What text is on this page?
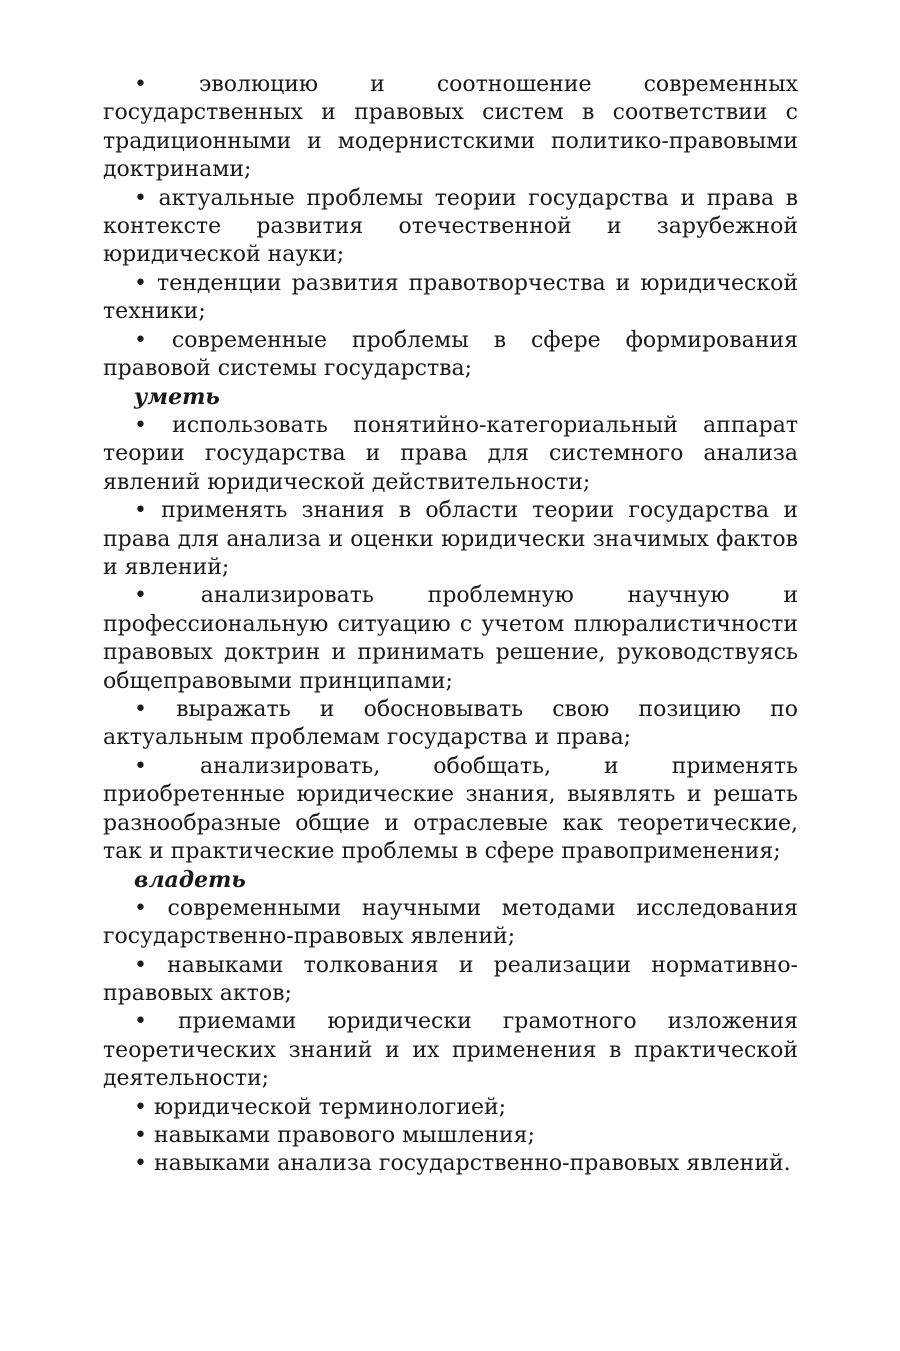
• эволюцию и соотношение современных государственных и правовых систем в соответствии с традиционными и модернистскими политико-правовыми доктринами;

• актуальные проблемы теории государства и права в контексте развития отечественной и зарубежной юридической науки;

• тенденции развития правотворчества и юридической техники;

• современные проблемы в сфере формирования правовой системы государства;

уметь

• использовать понятийно-категориальный аппарат теории государства и права для системного анализа явлений юридической действительности;

• применять знания в области теории государства и права для анализа и оценки юридически значимых фактов и явлений;

• анализировать проблемную научную и профессиональную ситуацию с учетом плюралистичности правовых доктрин и принимать решение, руководствуясь общеправовыми принципами;

• выражать и обосновывать свою позицию по актуальным проблемам государства и права;

• анализировать, обобщать, и применять приобретенные юридические знания, выявлять и решать разнообразные общие и отраслевые как теоретические, так и практические проблемы в сфере правоприменения;

владеть

• современными научными методами исследования государственно-правовых явлений;

• навыками толкования и реализации нормативно-правовых актов;

• приемами юридически грамотного изложения теоретических знаний и их применения в практической деятельности;

• юридической терминологией;

• навыками правового мышления;

• навыками анализа государственно-правовых явлений.
